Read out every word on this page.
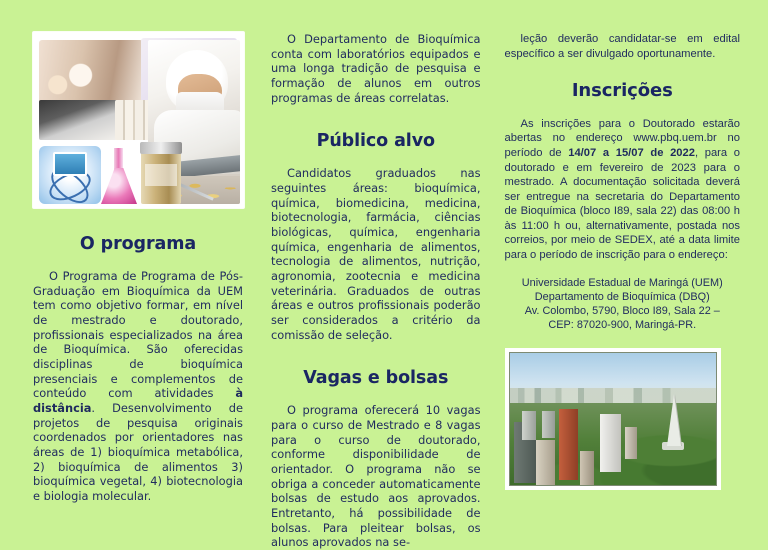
O programa

O Programa de Programa de Pós-Graduação em Bioquímica da UEM tem como objetivo formar, em nível de mestrado e doutorado, profissionais especializados na área de Bioquímica. São oferecidas disciplinas de bioquímica presenciais e complementos de conteúdo com atividades à distância. Desenvolvimento de projetos de pesquisa originais coordenados por orientadores nas áreas de 1) bioquímica metabólica, 2) bioquímica de alimentos 3) bioquímica vegetal, 4) biotecnologia e biologia molecular.

O Departamento de Bioquímica conta com laboratórios equipados e uma longa tradição de pesquisa e formação de alunos em outros programas de áreas correlatas.

Público alvo

Candidatos graduados nas seguintes áreas: bioquímica, química, biomedicina, medicina, biotecnologia, farmácia, ciências biológicas, química, engenharia química, engenharia de alimentos, tecnologia de alimentos, nutrição, agronomia, zootecnia e medicina veterinária. Graduados de outras áreas e outros profissionais poderão ser considerados a critério da comissão de seleção.

Vagas e bolsas

O programa oferecerá 10 vagas para o curso de Mestrado e 8 vagas para o curso de doutorado, conforme disponibilidade de orientador. O programa não se obriga a conceder automaticamente bolsas de estudo aos aprovados. Entretanto, há possibilidade de bolsas. Para pleitear bolsas, os alunos aprovados na se-

leção deverão candidatar-se em edital específico a ser divulgado oportunamente.

Inscrições

As inscrições para o Doutorado estarão abertas no endereço www.pbq.uem.br no período de 14/07 a 15/07 de 2022, para o doutorado e em fevereiro de 2023 para o mestrado. A documentação solicitada deverá ser entregue na secretaria do Departamento de Bioquímica (bloco I89, sala 22) das 08:00 h às 11:00 h ou, alternativamente, postada nos correios, por meio de SEDEX, até a data limite para o período de inscrição para o endereço:

Universidade Estadual de Maringá (UEM)

Departamento de Bioquímica (DBQ)

Av. Colombo, 5790, Bloco I89, Sala 22 –

CEP: 87020-900, Maringá-PR.
